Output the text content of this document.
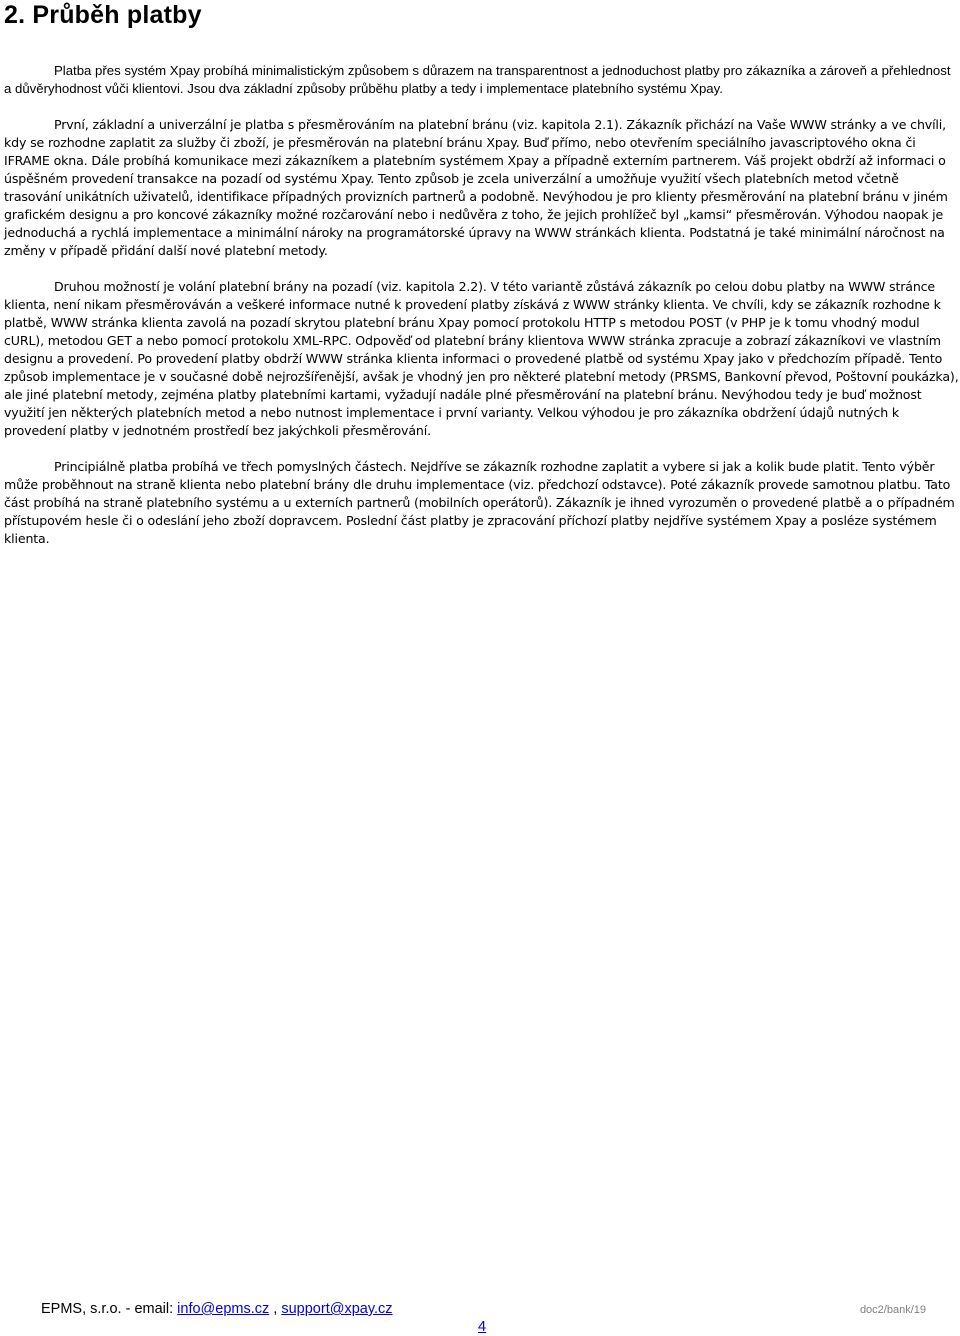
2. Průběh platby

Platba přes systém Xpay probíhá minimalistickým způsobem s důrazem na transparentnost a jednoduchost platby pro zákazníka a zároveň a přehlednost a důvěryhodnost vůči klientovi. Jsou dva základní způsoby průběhu platby a tedy i implementace platebního systému Xpay.

První, základní a univerzální je platba s přesměrováním na platební bránu (viz. kapitola 2.1). Zákazník přichází na Vaše WWW stránky a ve chvíli, kdy se rozhodne zaplatit za služby či zboží, je přesměrován na platební bránu Xpay. Buď přímo, nebo otevřením speciálního javascriptového okna či IFRAME okna. Dále probíhá komunikace mezi zákazníkem a platebním systémem Xpay a případně externím partnerem. Váš projekt obdrží až informaci o úspěšném provedení transakce na pozadí od systému Xpay. Tento způsob je zcela univerzální a umožňuje využití všech platebních metod včetně trasování unikátních uživatelů, identifikace případných provizních partnerů a podobně. Nevýhodou je pro klienty přesměrování na platební bránu v jiném grafickém designu a pro koncové zákazníky možné rozčarování nebo i nedůvěra z toho, že jejich prohlížeč byl „kamsi“ přesměrován. Výhodou naopak je jednoduchá a rychlá implementace a minimální nároky na programátorské úpravy na WWW stránkách klienta. Podstatná je také minimální náročnost na změny v případě přidání další nové platební metody.

Druhou možností je volání platební brány na pozadí (viz. kapitola 2.2). V této variantě zůstává zákazník po celou dobu platby na WWW stránce klienta, není nikam přesměrováván a veškeré informace nutné k provedení platby získává z WWW stránky klienta. Ve chvíli, kdy se zákazník rozhodne k platbě, WWW stránka klienta zavolá na pozadí skrytou platební bránu Xpay pomocí protokolu HTTP s metodou POST (v PHP je k tomu vhodný modul cURL), metodou GET a nebo pomocí protokolu XML-RPC. Odpověď od platební brány klientova WWW stránka zpracuje a zobrazí zákazníkovi ve vlastním designu a provedení. Po provedení platby obdrží WWW stránka klienta informaci o provedené platbě od systému Xpay jako v předchozím případě. Tento způsob implementace je v současné době nejrozšířenější, avšak je vhodný jen pro některé platební metody (PRSMS, Bankovní převod, Poštovní poukázka), ale jiné platební metody, zejména platby platebními kartami, vyžadují nadále plné přesměrování na platební bránu. Nevýhodou tedy je buď možnost využití jen některých platebních metod a nebo nutnost implementace i první varianty. Velkou výhodou je pro zákazníka obdržení údajů nutných k provedení platby v jednotném prostředí bez jakýchkoli přesměrování.

Principiálně platba probíhá ve třech pomyslných částech. Nejdříve se zákazník rozhodne zaplatit a vybere si jak a kolik bude platit. Tento výběr může proběhnout na straně klienta nebo platební brány dle druhu implementace (viz. předchozí odstavce). Poté zákazník provede samotnou platbu. Tato část probíhá na straně platebního systému a u externích partnerů (mobilních operátorů). Zákazník je ihned vyrozuměn o provedené platbě a o případném přístupovém hesle či o odeslání jeho zboží dopravcem. Poslední část platby je zpracování příchozí platby nejdříve systémem Xpay a posléze systémem klienta.

EPMS, s.r.o. - email: info@epms.cz , support@xpay.cz	doc2/bank/19
4
